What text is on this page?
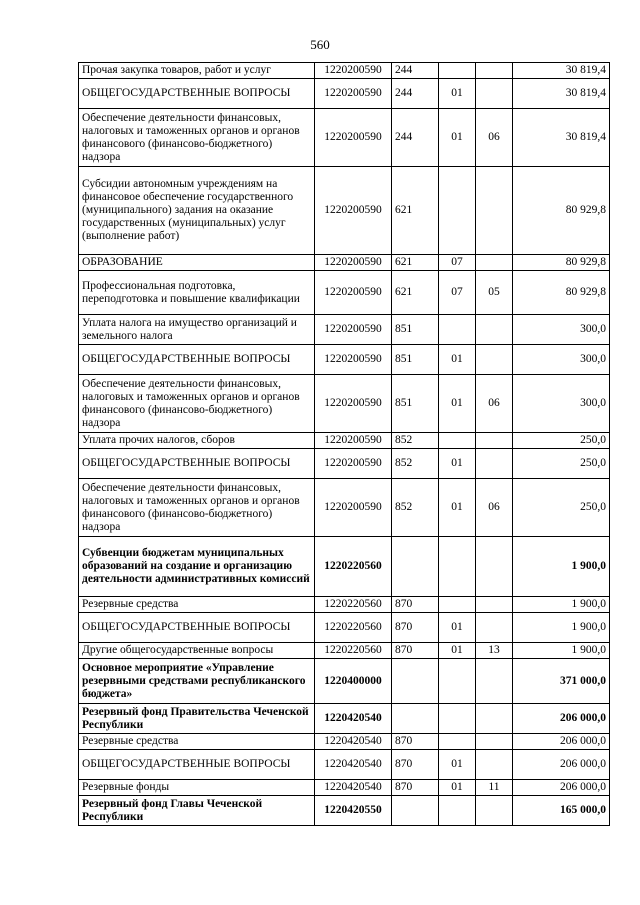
560
Прочая закупка товаров, работ и услуг	1220200590	244			30 819,4
ОБЩЕГОСУДАРСТВЕННЫЕ ВОПРОСЫ	1220200590	244	01		30 819,4
Обеспечение деятельности финансовых, налоговых и таможенных органов и органов финансового (финансово-бюджетного) надзора	1220200590	244	01	06	30 819,4
Субсидии автономным учреждениям на финансовое обеспечение государственного (муниципального) задания на оказание государственных (муниципальных) услуг (выполнение работ)	1220200590	621			80 929,8
ОБРАЗОВАНИЕ	1220200590	621	07		80 929,8
Профессиональная подготовка, переподготовка и повышение квалификации	1220200590	621	07	05	80 929,8
Уплата налога на имущество организаций и земельного налога	1220200590	851			300,0
ОБЩЕГОСУДАРСТВЕННЫЕ ВОПРОСЫ	1220200590	851	01		300,0
Обеспечение деятельности финансовых, налоговых и таможенных органов и органов финансового (финансово-бюджетного) надзора	1220200590	851	01	06	300,0
Уплата прочих налогов, сборов	1220200590	852			250,0
ОБЩЕГОСУДАРСТВЕННЫЕ ВОПРОСЫ	1220200590	852	01		250,0
Обеспечение деятельности финансовых, налоговых и таможенных органов и органов финансового (финансово-бюджетного) надзора	1220200590	852	01	06	250,0
Субвенции бюджетам муниципальных образований на создание и организацию деятельности административных комиссий	1220220560				1 900,0
Резервные средства	1220220560	870			1 900,0
ОБЩЕГОСУДАРСТВЕННЫЕ ВОПРОСЫ	1220220560	870	01		1 900,0
Другие общегосударственные вопросы	1220220560	870	01	13	1 900,0
Основное мероприятие «Управление резервными средствами республиканского бюджета»	1220400000				371 000,0
Резервный фонд Правительства Чеченской Республики	1220420540				206 000,0
Резервные средства	1220420540	870			206 000,0
ОБЩЕГОСУДАРСТВЕННЫЕ ВОПРОСЫ	1220420540	870	01		206 000,0
Резервные фонды	1220420540	870	01	11	206 000,0
Резервный фонд Главы Чеченской Республики	1220420550				165 000,0
